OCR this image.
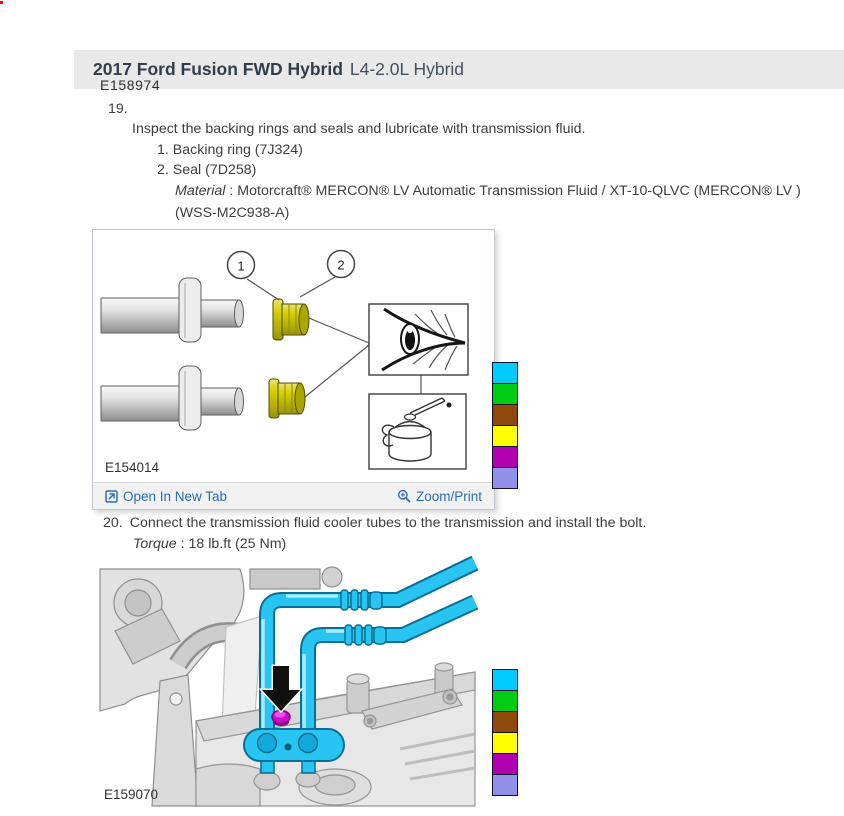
2017 Ford Fusion FWD Hybrid L4-2.0L Hybrid
E158974
19.
Inspect the backing rings and seals and lubricate with transmission fluid.
1. Backing ring (7J324)
2. Seal (7D258)
Material : Motorcraft® MERCON® LV Automatic Transmission Fluid / XT-10-QLVC (MERCON® LV ) (WSS-M2C938-A)
1	2
E154014
Open In New Tab	Zoom/Print
20. Connect the transmission fluid cooler tubes to the transmission and install the bolt.
Torque : 18 lb.ft (25 Nm)
E159070
